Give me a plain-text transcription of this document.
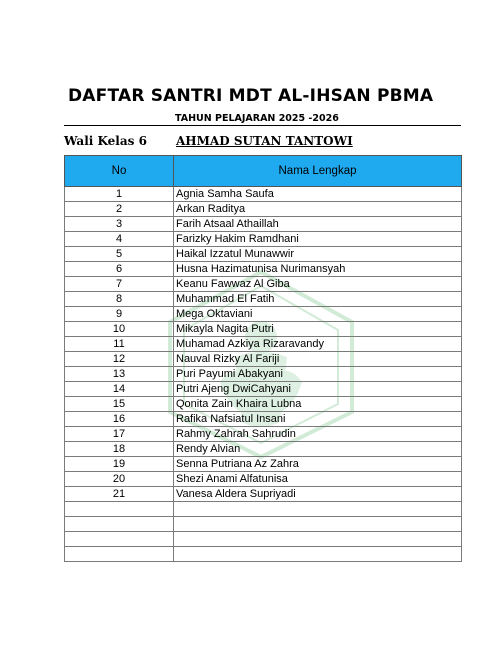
DAFTAR SANTRI MDT AL-IHSAN PBMA
TAHUN PELAJARAN 2025 -2026
Wali Kelas 6 AHMAD SUTAN TANTOWI
No	Nama Lengkap
1	Agnia Samha Saufa
2	Arkan Raditya
3	Farih Atsaal Athaillah
4	Farizky Hakim Ramdhani
5	Haikal Izzatul Munawwir
6	Husna Hazimatunisa Nurimansyah
7	Keanu Fawwaz Al Giba
8	Muhammad El Fatih
9	Mega Oktaviani
10	Mikayla Nagita Putri
11	Muhamad Azkiya Rizaravandy
12	Nauval Rizky Al Fariji
13	Puri Payumi Abakyani
14	Putri Ajeng DwiCahyani
15	Qonita Zain Khaira Lubna
16	Rafika Nafsiatul Insani
17	Rahmy Zahrah Sahrudin
18	Rendy Alvian
19	Senna Putriana Az Zahra
20	Shezi Anami Alfatunisa
21	Vanesa Aldera Supriyadi
